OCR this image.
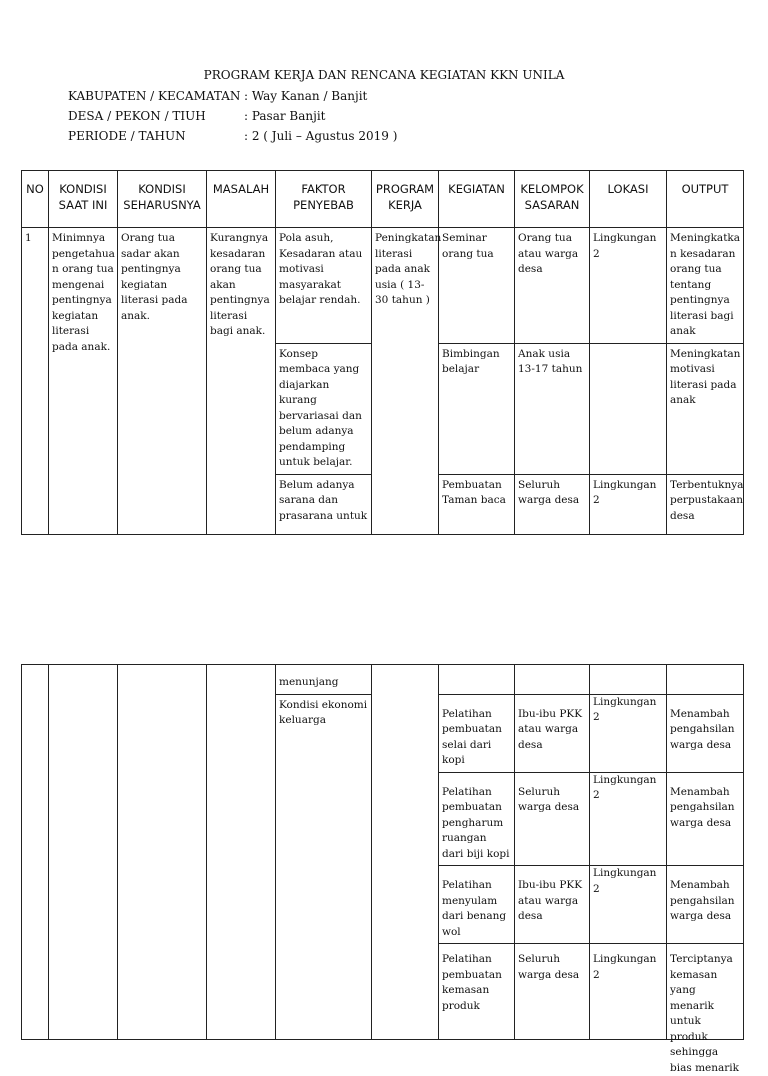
PROGRAM KERJA DAN RENCANA KEGIATAN KKN UNILA
KABUPATEN / KECAMATAN : Way Kanan / Banjit
DESA / PEKON / TIUH	: Pasar Banjit
PERIODE / TAHUN	: 2 ( Juli – Agustus 2019 )
NO	KONDISI SAAT INI	KONDISI SEHARUSNYA	MASALAH	FAKTOR PENYEBAB	PROGRAM KERJA	KEGIATAN	KELOMPOK SASARAN	LOKASI	OUTPUT
1	Minimnya pengetahua n orang tua mengenai pentingnya kegiatan literasi pada anak.	Orang tua sadar akan pentingnya kegiatan literasi pada anak.	Kurangnya kesadaran orang tua akan pentingnya literasi bagi anak.	Pola asuh, Kesadaran atau motivasi masyarakat belajar rendah.	Peningkatan literasi pada anak usia ( 13-30 tahun )	Seminar orang tua	Orang tua atau warga desa	Lingkungan 2	Meningkatka n kesadaran orang tua tentang pentingnya literasi bagi anak
				Konsep membaca yang diajarkan kurang bervariasai dan belum adanya pendamping untuk belajar.		Bimbingan belajar	Anak usia 13-17 tahun		Meningkatan motivasi literasi pada anak

				Belum adanya sarana dan prasarana untuk		Pembuatan Taman baca	Seluruh warga desa	Lingkungan 2	Terbentuknya perpustakaan desa
				menunjang					
				Kondisi ekonomi keluarga		Pelatihan pembuatan selai dari kopi	Ibu-ibu PKK atau warga desa	Lingkungan 2	Menambah pengahsilan warga desa
						Pelatihan pembuatan pengharum ruangan dari biji kopi	Seluruh warga desa	Lingkungan 2	Menambah pengahsilan warga desa
						Pelatihan menyulam dari benang wol	Ibu-ibu PKK atau warga desa	Lingkungan 2	Menambah pengahsilan warga desa

						Pelatihan pembuatan kemasan produk	Seluruh warga desa	Lingkungan 2	Terciptanya kemasan yang menarik untuk produk sehingga bias menarik
